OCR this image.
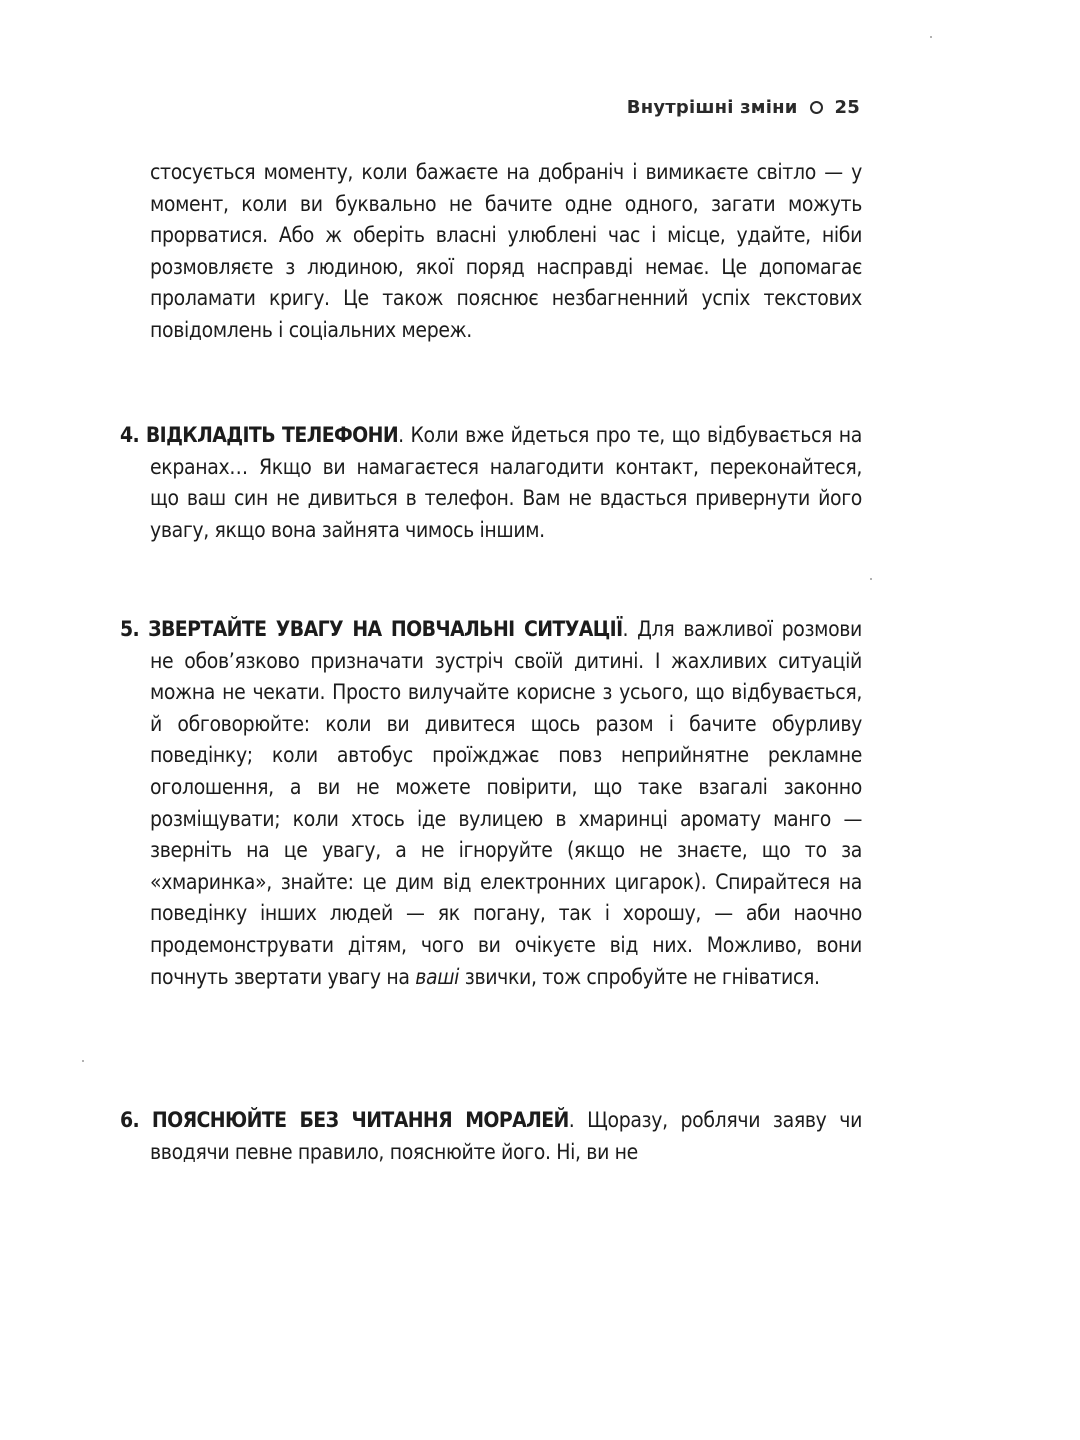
Внутрішні зміни 25

стосується моменту, коли бажаєте на добраніч і вимикаєте світло — у момент, коли ви буквально не бачите одне одного, загати можуть прорватися. Або ж оберіть власні улюблені час і місце, удайте, ніби розмовляєте з людиною, якої поряд насправді немає. Це допомагає проламати кригу. Це також пояснює незбагненний успіх текстових повідомлень і соціальних мереж.

4. ВІДКЛАДІТЬ ТЕЛЕФОНИ. Коли вже йдеться про те, що відбувається на екранах… Якщо ви намагаєтеся налагодити контакт, переконайтеся, що ваш син не дивиться в телефон. Вам не вдасться привернути його увагу, якщо вона зайнята чимось іншим.

5. ЗВЕРТАЙТЕ УВАГУ НА ПОВЧАЛЬНІ СИТУАЦІЇ. Для важливої розмови не обов’язково призначати зустріч своїй дитині. І жахливих ситуацій можна не чекати. Просто вилучайте корисне з усього, що відбувається, й обговорюйте: коли ви дивитеся щось разом і бачите обурливу поведінку; коли автобус проїжджає повз неприйнятне рекламне оголошення, а ви не можете повірити, що таке взагалі законно розміщувати; коли хтось іде вулицею в хмаринці аромату манго — зверніть на це увагу, а не ігноруйте (якщо не знаєте, що то за «хмаринка», знайте: це дим від електронних цигарок). Спирайтеся на поведінку інших людей — як погану, так і хорошу, — аби наочно продемонструвати дітям, чого ви очікуєте від них. Можливо, вони почнуть звертати увагу на ваші звички, тож спробуйте не гніватися.

6. ПОЯСНЮЙТЕ БЕЗ ЧИТАННЯ МОРАЛЕЙ. Щоразу, роблячи заяву чи вводячи певне правило, пояснюйте його. Ні, ви не
